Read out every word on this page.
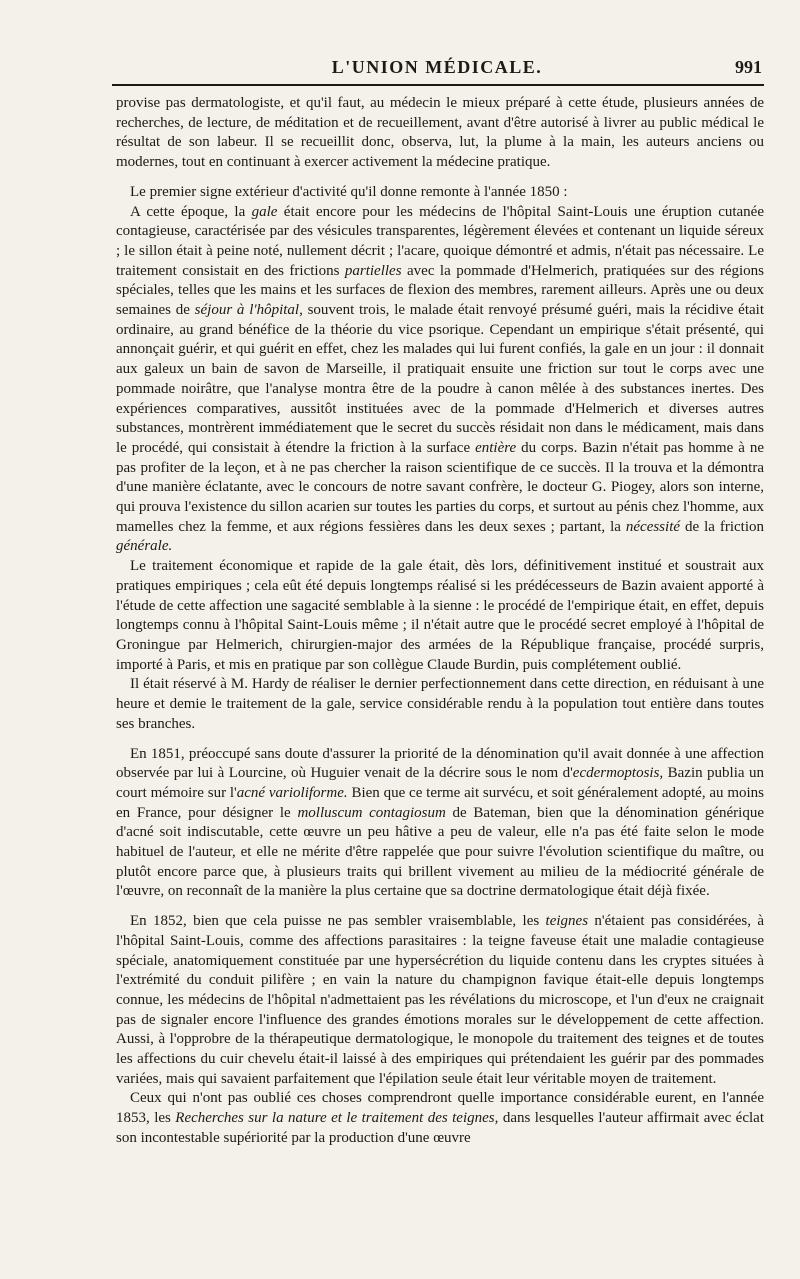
L'UNION MÉDICALE.	991

provise pas dermatologiste, et qu'il faut, au médecin le mieux préparé à cette étude, plusieurs années de recherches, de lecture, de méditation et de recueillement, avant d'être autorisé à livrer au public médical le résultat de son labeur. Il se recueillit donc, observa, lut, la plume à la main, les auteurs anciens ou modernes, tout en continuant à exercer activement la médecine pratique.

Le premier signe extérieur d'activité qu'il donne remonte à l'année 1850 :

A cette époque, la gale était encore pour les médecins de l'hôpital Saint-Louis une éruption cutanée contagieuse, caractérisée par des vésicules transparentes, légèrement élevées et contenant un liquide séreux ; le sillon était à peine noté, nullement décrit ; l'acare, quoique démontré et admis, n'était pas nécessaire. Le traitement consistait en des frictions partielles avec la pommade d'Helmerich, pratiquées sur des régions spéciales, telles que les mains et les surfaces de flexion des membres, rarement ailleurs. Après une ou deux semaines de séjour à l'hôpital, souvent trois, le malade était renvoyé présumé guéri, mais la récidive était ordinaire, au grand bénéfice de la théorie du vice psorique. Cependant un empirique s'était présenté, qui annonçait guérir, et qui guérit en effet, chez les malades qui lui furent confiés, la gale en un jour : il donnait aux galeux un bain de savon de Marseille, il pratiquait ensuite une friction sur tout le corps avec une pommade noirâtre, que l'analyse montra être de la poudre à canon mêlée à des substances inertes. Des expériences comparatives, aussitôt instituées avec de la pommade d'Helmerich et diverses autres substances, montrèrent immédiatement que le secret du succès résidait non dans le médicament, mais dans le procédé, qui consistait à étendre la friction à la surface entière du corps. Bazin n'était pas homme à ne pas profiter de la leçon, et à ne pas chercher la raison scientifique de ce succès. Il la trouva et la démontra d'une manière éclatante, avec le concours de notre savant confrère, le docteur G. Piogey, alors son interne, qui prouva l'existence du sillon acarien sur toutes les parties du corps, et surtout au pénis chez l'homme, aux mamelles chez la femme, et aux régions fessières dans les deux sexes ; partant, la nécessité de la friction générale.

Le traitement économique et rapide de la gale était, dès lors, définitivement institué et soustrait aux pratiques empiriques ; cela eût été depuis longtemps réalisé si les prédécesseurs de Bazin avaient apporté à l'étude de cette affection une sagacité semblable à la sienne : le procédé de l'empirique était, en effet, depuis longtemps connu à l'hôpital Saint-Louis même ; il n'était autre que le procédé secret employé à l'hôpital de Groningue par Helmerich, chirurgien-major des armées de la République française, procédé surpris, importé à Paris, et mis en pratique par son collègue Claude Burdin, puis complétement oublié.

Il était réservé à M. Hardy de réaliser le dernier perfectionnement dans cette direction, en réduisant à une heure et demie le traitement de la gale, service considérable rendu à la population tout entière dans toutes ses branches.

En 1851, préoccupé sans doute d'assurer la priorité de la dénomination qu'il avait donnée à une affection observée par lui à Lourcine, où Huguier venait de la décrire sous le nom d'ecdermoptosis, Bazin publia un court mémoire sur l'acné varioliforme. Bien que ce terme ait survécu, et soit généralement adopté, au moins en France, pour désigner le molluscum contagiosum de Bateman, bien que la dénomination générique d'acné soit indiscutable, cette œuvre un peu hâtive a peu de valeur, elle n'a pas été faite selon le mode habituel de l'auteur, et elle ne mérite d'être rappelée que pour suivre l'évolution scientifique du maître, ou plutôt encore parce que, à plusieurs traits qui brillent vivement au milieu de la médiocrité générale de l'œuvre, on reconnaît de la manière la plus certaine que sa doctrine dermatologique était déjà fixée.

En 1852, bien que cela puisse ne pas sembler vraisemblable, les teignes n'étaient pas considérées, à l'hôpital Saint-Louis, comme des affections parasitaires : la teigne faveuse était une maladie contagieuse spéciale, anatomiquement constituée par une hypersécrétion du liquide contenu dans les cryptes situées à l'extrémité du conduit pilifère ; en vain la nature du champignon favique était-elle depuis longtemps connue, les médecins de l'hôpital n'admettaient pas les révélations du microscope, et l'un d'eux ne craignait pas de signaler encore l'influence des grandes émotions morales sur le développement de cette affection. Aussi, à l'opprobre de la thérapeutique dermatologique, le monopole du traitement des teignes et de toutes les affections du cuir chevelu était-il laissé à des empiriques qui prétendaient les guérir par des pommades variées, mais qui savaient parfaitement que l'épilation seule était leur véritable moyen de traitement.

Ceux qui n'ont pas oublié ces choses comprendront quelle importance considérable eurent, en l'année 1853, les Recherches sur la nature et le traitement des teignes, dans lesquelles l'auteur affirmait avec éclat son incontestable supériorité par la production d'une œuvre
